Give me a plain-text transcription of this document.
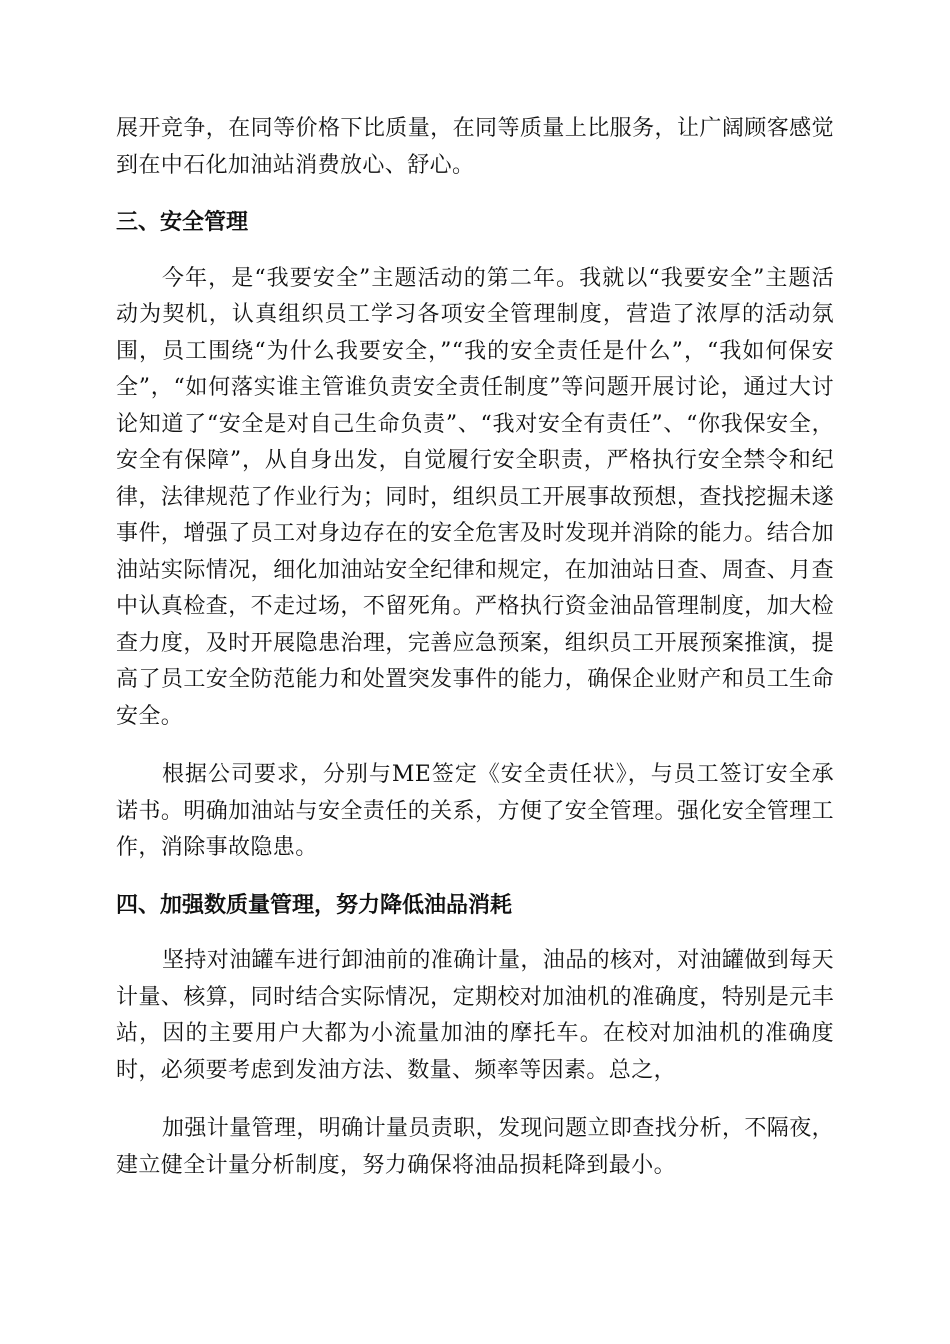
展开竞争，在同等价格下比质量，在同等质量上比服务，让广阔顾客感觉到在中石化加油站消费放心、舒心。

三、安全管理

今年，是“我要安全”主题活动的第二年。我就以“我要安全”主题活动为契机，认真组织员工学习各项安全管理制度，营造了浓厚的活动氛围，员工围绕“为什么我要安全，”“我的安全责任是什么”，“我如何保安全”，“如何落实谁主管谁负责安全责任制度”等问题开展讨论，通过大讨论知道了“安全是对自己生命负责”、“我对安全有责任”、“你我保安全，安全有保障”，从自身出发，自觉履行安全职责，严格执行安全禁令和纪律，法律规范了作业行为；同时，组织员工开展事故预想，查找挖掘未遂事件，增强了员工对身边存在的安全危害及时发现并消除的能力。结合加油站实际情况，细化加油站安全纪律和规定，在加油站日查、周查、月查中认真检查，不走过场，不留死角。严格执行资金油品管理制度，加大检查力度，及时开展隐患治理，完善应急预案，组织员工开展预案推演，提高了员工安全防范能力和处置突发事件的能力，确保企业财产和员工生命安全。

根据公司要求，分别与ME签定《安全责任状》，与员工签订安全承诺书。明确加油站与安全责任的关系，方便了安全管理。强化安全管理工作，消除事故隐患。

四、加强数质量管理，努力降低油品消耗

坚持对油罐车进行卸油前的准确计量，油品的核对，对油罐做到每天计量、核算，同时结合实际情况，定期校对加油机的准确度，特别是元丰站，因的主要用户大都为小流量加油的摩托车。在校对加油机的准确度时，必须要考虑到发油方法、数量、频率等因素。总之，

加强计量管理，明确计量员责职，发现问题立即查找分析，不隔夜，建立健全计量分析制度，努力确保将油品损耗降到最小。
